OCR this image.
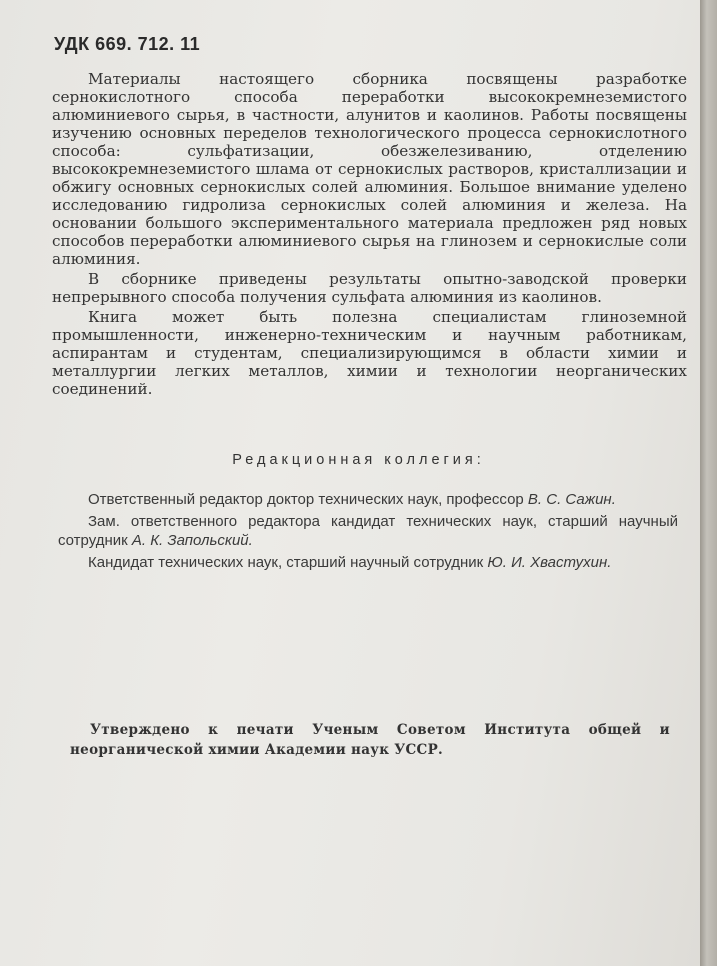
УДК 669. 712. 11

Материалы настоящего сборника посвящены разработке сернокислотного способа переработки высококремнеземистого алюминиевого сырья, в частности, алунитов и каолинов. Работы посвящены изучению основных переделов технологического процесса сернокислотного способа: сульфатизации, обезжелезиванию, отделению высококремнеземистого шлама от сернокислых растворов, кристаллизации и обжигу основных сернокислых солей алюминия. Большое внимание уделено исследованию гидролиза сернокислых солей алюминия и железа. На основании большого экспериментального материала предложен ряд новых способов переработки алюминиевого сырья на глинозем и сернокислые соли алюминия.

В сборнике приведены результаты опытно-заводской проверки непрерывного способа получения сульфата алюминия из каолинов.

Книга может быть полезна специалистам глиноземной промышленности, инженерно-техническим и научным работникам, аспирантам и студентам, специализирующимся в области химии и металлургии легких металлов, химии и технологии неорганических соединений.

Редакционная коллегия:

Ответственный редактор доктор технических наук, профессор В. С. Сажин.

Зам. ответственного редактора кандидат технических наук, старший научный сотрудник А. К. Запольский.

Кандидат технических наук, старший научный сотрудник Ю. И. Хвастухин.

Утверждено к печати Ученым Советом Института общей и неорганической химии Академии наук УССР.
